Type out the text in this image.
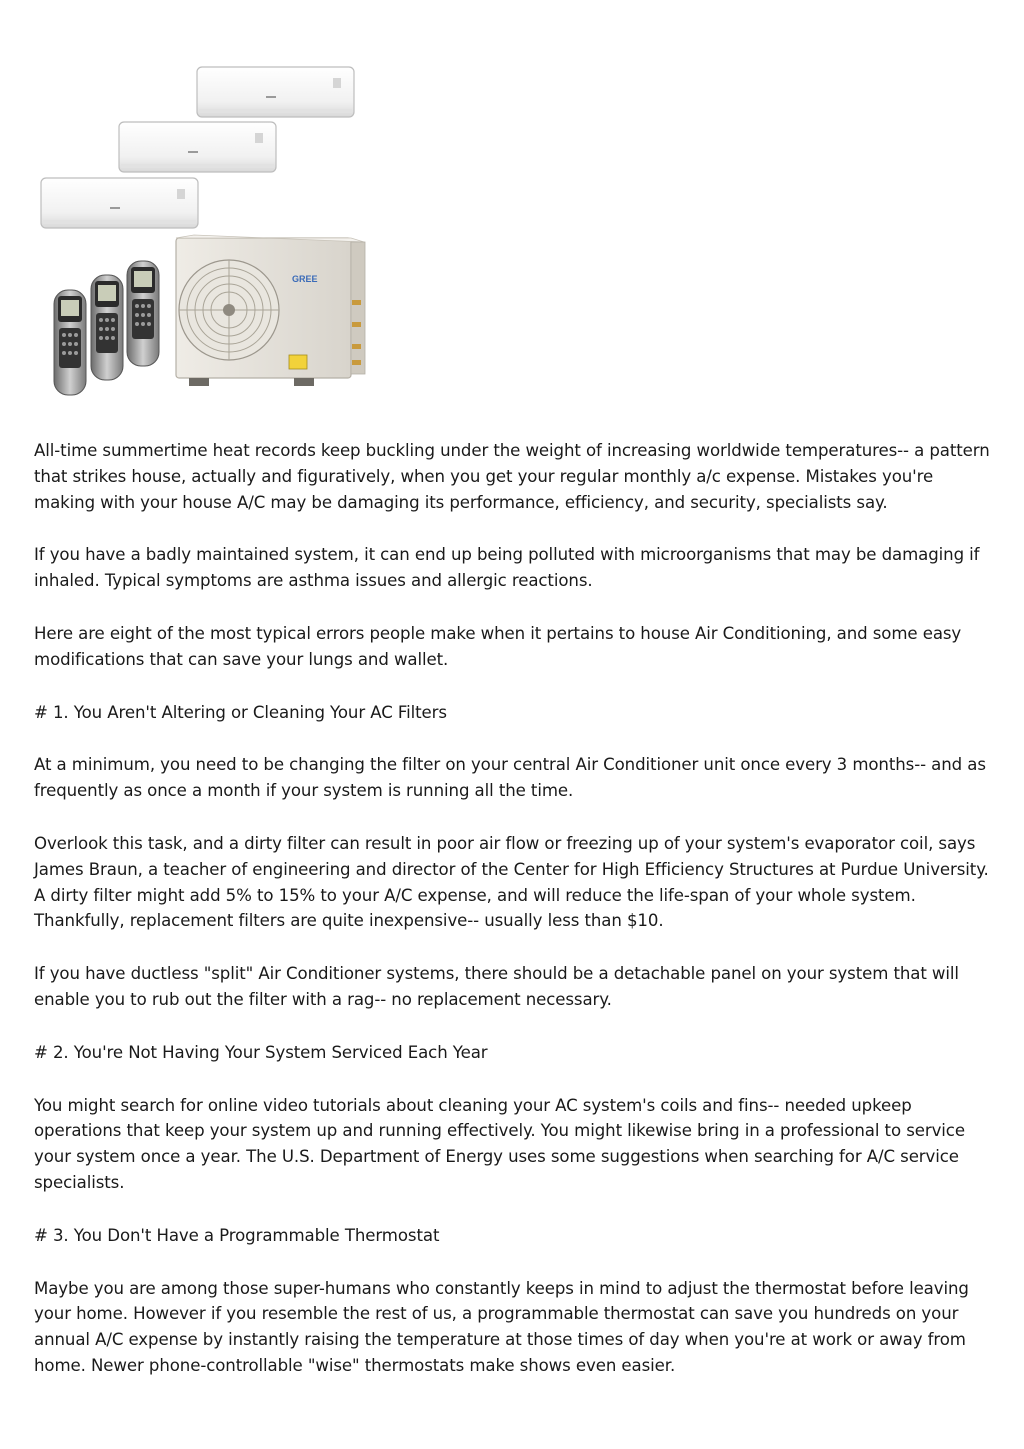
GREE

All-time summertime heat records keep buckling under the weight of increasing worldwide temperatures-- a pattern that strikes house, actually and figuratively, when you get your regular monthly a/c expense. Mistakes you're making with your house A/C may be damaging its performance, efficiency, and security, specialists say.

If you have a badly maintained system, it can end up being polluted with microorganisms that may be damaging if inhaled. Typical symptoms are asthma issues and allergic reactions.

Here are eight of the most typical errors people make when it pertains to house Air Conditioning, and some easy modifications that can save your lungs and wallet.

# 1. You Aren't Altering or Cleaning Your AC Filters

At a minimum, you need to be changing the filter on your central Air Conditioner unit once every 3 months-- and as frequently as once a month if your system is running all the time.

Overlook this task, and a dirty filter can result in poor air flow or freezing up of your system's evaporator coil, says James Braun, a teacher of engineering and director of the Center for High Efficiency Structures at Purdue University. A dirty filter might add 5% to 15% to your A/C expense, and will reduce the life-span of your whole system. Thankfully, replacement filters are quite inexpensive-- usually less than $10.

If you have ductless "split" Air Conditioner systems, there should be a detachable panel on your system that will enable you to rub out the filter with a rag-- no replacement necessary.

# 2. You're Not Having Your System Serviced Each Year

You might search for online video tutorials about cleaning your AC system's coils and fins-- needed upkeep operations that keep your system up and running effectively. You might likewise bring in a professional to service your system once a year. The U.S. Department of Energy uses some suggestions when searching for A/C service specialists.

# 3. You Don't Have a Programmable Thermostat

Maybe you are among those super-humans who constantly keeps in mind to adjust the thermostat before leaving your home. However if you resemble the rest of us, a programmable thermostat can save you hundreds on your annual A/C expense by instantly raising the temperature at those times of day when you're at work or away from home. Newer phone-controllable "wise" thermostats make shows even easier.
